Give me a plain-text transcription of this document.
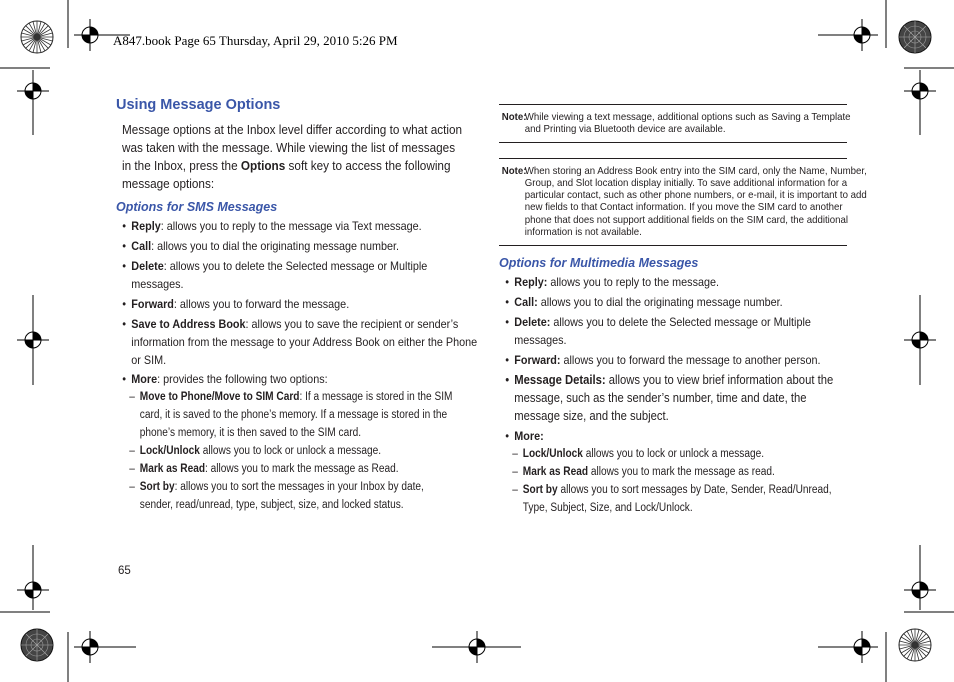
A847.book Page 65 Thursday, April 29, 2010 5:26 PM
Using Message Options

Message options at the Inbox level differ according to what action was taken with the message. While viewing the list of messages in the Inbox, press the Options soft key to access the following message options:

Options for SMS Messages
• Reply: allows you to reply to the message via Text message.
• Call: allows you to dial the originating message number.
• Delete: allows you to delete the Selected message or Multiple messages.
• Forward: allows you to forward the message.
• Save to Address Book: allows you to save the recipient or sender’s information from the message to your Address Book on either the Phone or SIM.
• More: provides the following two options:
– Move to Phone/Move to SIM Card: If a message is stored in the SIM card, it is saved to the phone’s memory. If a message is stored in the phone’s memory, it is then saved to the SIM card.
– Lock/Unlock allows you to lock or unlock a message.
– Mark as Read: allows you to mark the message as Read.
– Sort by: allows you to sort the messages in your Inbox by date, sender, read/unread, type, subject, size, and locked status.
Note:
While viewing a text message, additional options such as Saving a Template and Printing via Bluetooth device are available.
Note:
When storing an Address Book entry into the SIM card, only the Name, Number, Group, and Slot location display initially. To save additional information for a particular contact, such as other phone numbers, or e-mail, it is important to add new fields to that Contact information. If you move the SIM card to another phone that does not support additional fields on the SIM card, the additional information is not available.
Options for Multimedia Messages
• Reply: allows you to reply to the message.
• Call: allows you to dial the originating message number.
• Delete: allows you to delete the Selected message or Multiple messages.
• Forward: allows you to forward the message to another person.
• Message Details: allows you to view brief information about the message, such as the sender’s number, time and date, the message size, and the subject.
• More:
– Lock/Unlock allows you to lock or unlock a message.
– Mark as Read allows you to mark the message as read.
– Sort by allows you to sort messages by Date, Sender, Read/Unread, Type, Subject, Size, and Lock/Unlock.
65
